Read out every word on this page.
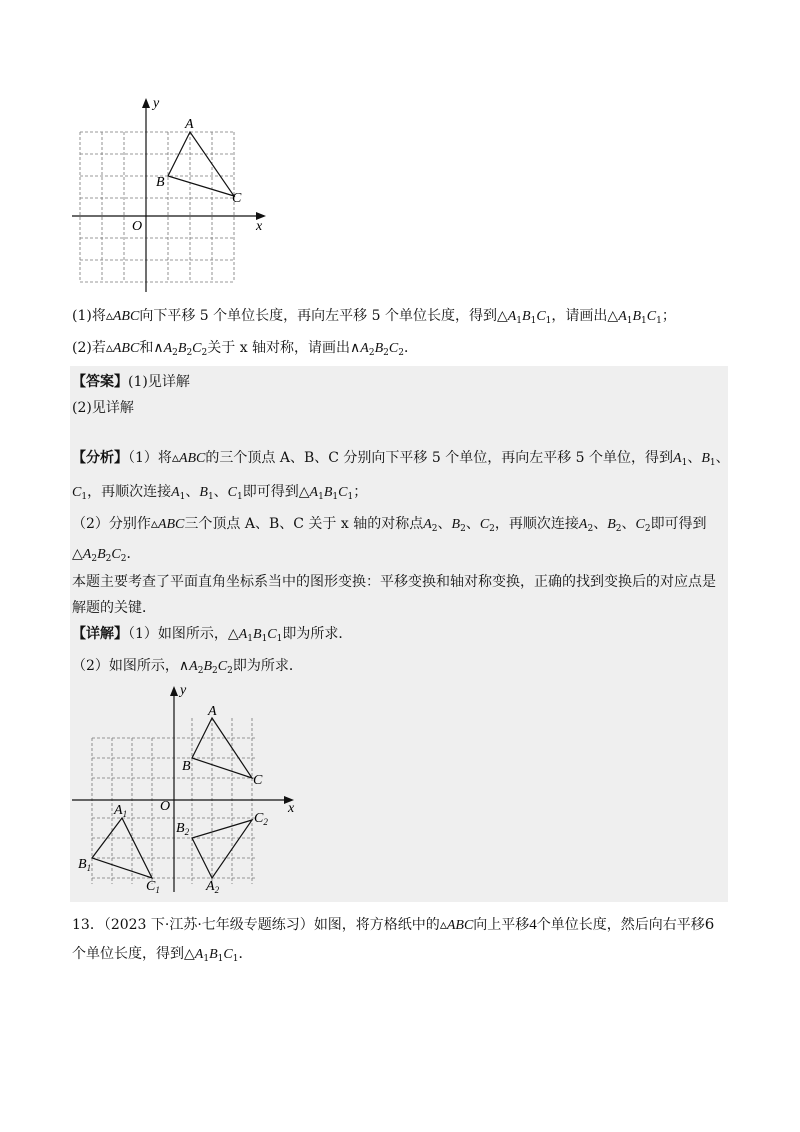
y
x
O
A
B
C
(1)将▵ABC向下平移 5 个单位长度，再向左平移 5 个单位长度，得到$\triangle A_1B_1C_1$，请画出$\triangle A_1B_1C_1$；
(2)若▵ABC和$\wedge A_2B_2C_2$关于 x 轴对称，请画出$\wedge A_2B_2C_2$．
【答案】(1)见详解
(2)见详解
【分析】（1）将▵ABC的三个顶点 A、B、C 分别向下平移 5 个单位，再向左平移 5 个单位，得到$A_1$、$B_1$、
$C_1$，再顺次连接$A_1$、$B_1$、$C_1$即可得到$\triangle A_1B_1C_1$；
（2）分别作▵ABC三个顶点 A、B、C 关于 x 轴的对称点$A_2$、$B_2$、$C_2$，再顺次连接$A_2$、$B_2$、$C_2$即可得到
$\triangle A_2B_2C_2$．
本题主要考查了平面直角坐标系当中的图形变换：平移变换和轴对称变换，正确的找到变换后的对应点是
解题的关键．
【详解】（1）如图所示，$\triangle A_1B_1C_1$即为所求．
（2）如图所示，$\wedge A_2B_2C_2$即为所求．
y
x
O
A
B
C
$A_1$
$B_1$
$C_1$	$A_2$
$B_2$
$C_2$
13．（2023 下·江苏·七年级专题练习）如图，将方格纸中的▵ABC向上平移4个单位长度，然后向右平移6
个单位长度，得到$\triangle A_1B_1C_1$．
